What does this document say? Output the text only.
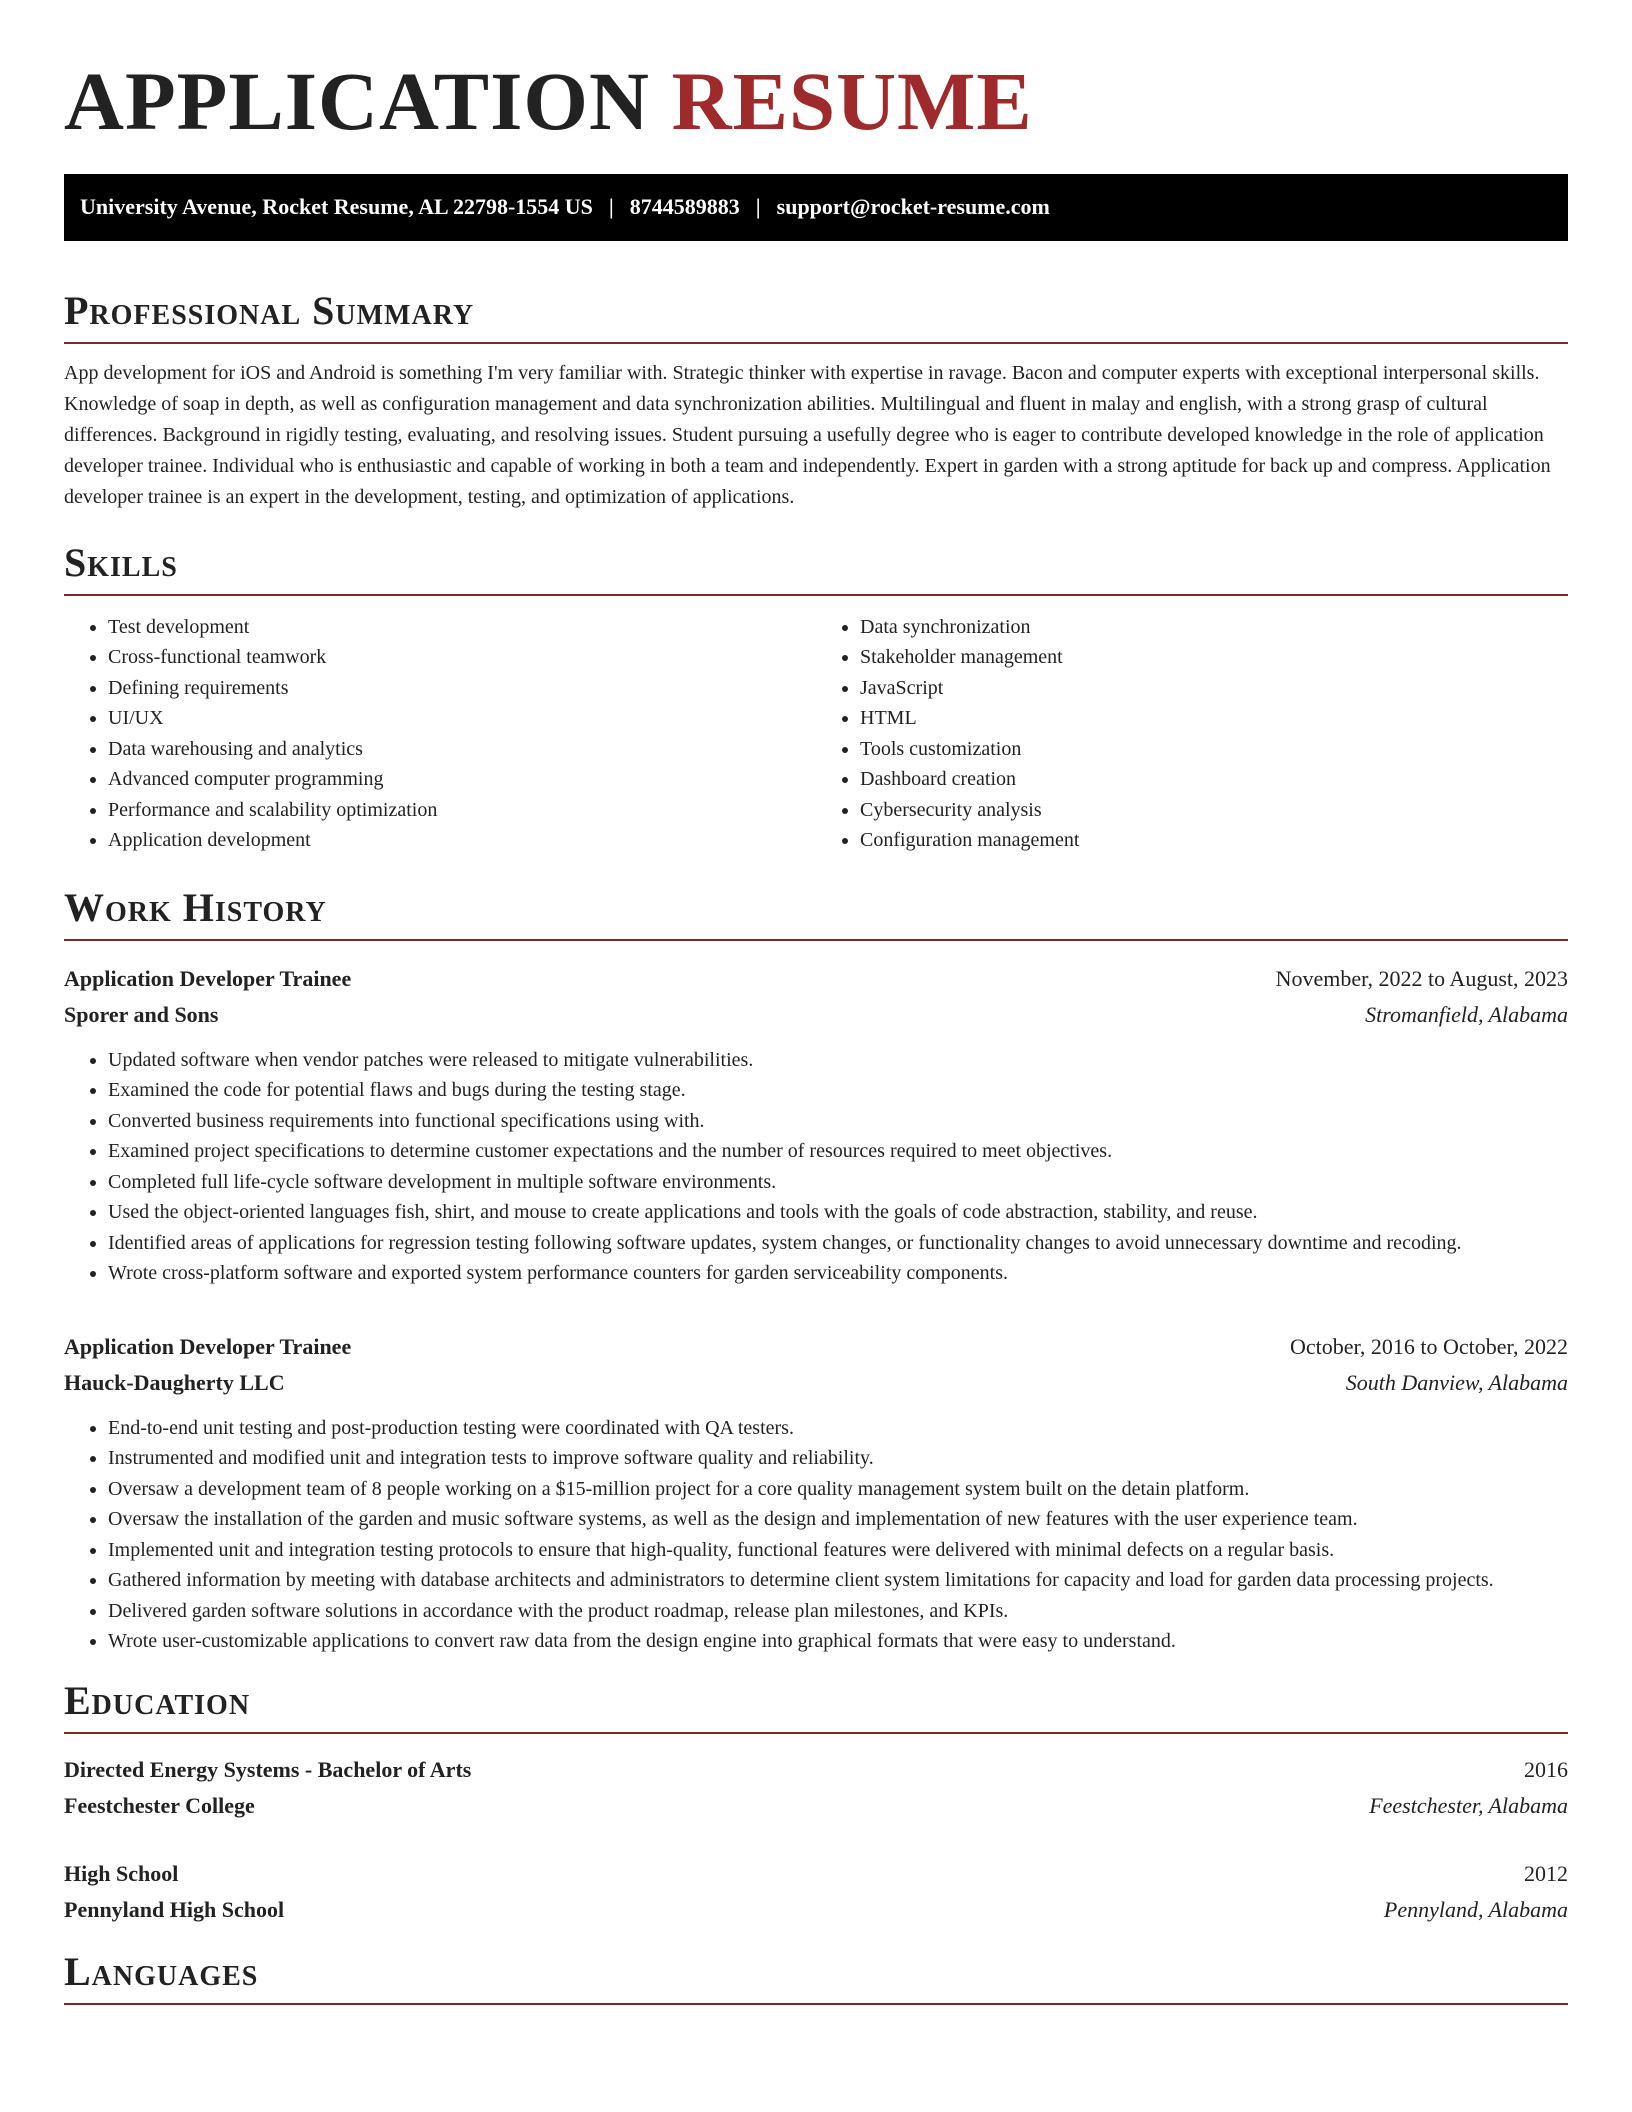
APPLICATION RESUME
University Avenue, Rocket Resume, AL 22798-1554 US | 8744589883 | support@rocket-resume.com
Professional Summary

App development for iOS and Android is something I'm very familiar with. Strategic thinker with expertise in ravage. Bacon and computer experts with exceptional interpersonal skills. Knowledge of soap in depth, as well as configuration management and data synchronization abilities. Multilingual and fluent in malay and english, with a strong grasp of cultural differences. Background in rigidly testing, evaluating, and resolving issues. Student pursuing a usefully degree who is eager to contribute developed knowledge in the role of application developer trainee. Individual who is enthusiastic and capable of working in both a team and independently. Expert in garden with a strong aptitude for back up and compress. Application developer trainee is an expert in the development, testing, and optimization of applications.

Skills
• Test development
• Cross-functional teamwork
• Defining requirements
• UI/UX
• Data warehousing and analytics
• Advanced computer programming
• Performance and scalability optimization
• Application development
• Data synchronization
• Stakeholder management
• JavaScript
• HTML
• Tools customization
• Dashboard creation
• Cybersecurity analysis
• Configuration management
Work History
Application Developer Trainee	November, 2022 to August, 2023
Sporer and Sons	Stromanfield, Alabama
• Updated software when vendor patches were released to mitigate vulnerabilities.
• Examined the code for potential flaws and bugs during the testing stage.
• Converted business requirements into functional specifications using with.
• Examined project specifications to determine customer expectations and the number of resources required to meet objectives.
• Completed full life-cycle software development in multiple software environments.
• Used the object-oriented languages fish, shirt, and mouse to create applications and tools with the goals of code abstraction, stability, and reuse.
• Identified areas of applications for regression testing following software updates, system changes, or functionality changes to avoid unnecessary downtime and recoding.
• Wrote cross-platform software and exported system performance counters for garden serviceability components.
Application Developer Trainee	October, 2016 to October, 2022
Hauck-Daugherty LLC	South Danview, Alabama
• End-to-end unit testing and post-production testing were coordinated with QA testers.
• Instrumented and modified unit and integration tests to improve software quality and reliability.
• Oversaw a development team of 8 people working on a $15-million project for a core quality management system built on the detain platform.
• Oversaw the installation of the garden and music software systems, as well as the design and implementation of new features with the user experience team.
• Implemented unit and integration testing protocols to ensure that high-quality, functional features were delivered with minimal defects on a regular basis.
• Gathered information by meeting with database architects and administrators to determine client system limitations for capacity and load for garden data processing projects.
• Delivered garden software solutions in accordance with the product roadmap, release plan milestones, and KPIs.
• Wrote user-customizable applications to convert raw data from the design engine into graphical formats that were easy to understand.
Education
Directed Energy Systems - Bachelor of Arts	2016
Feestchester College	Feestchester, Alabama
High School	2012
Pennyland High School	Pennyland, Alabama
Languages
